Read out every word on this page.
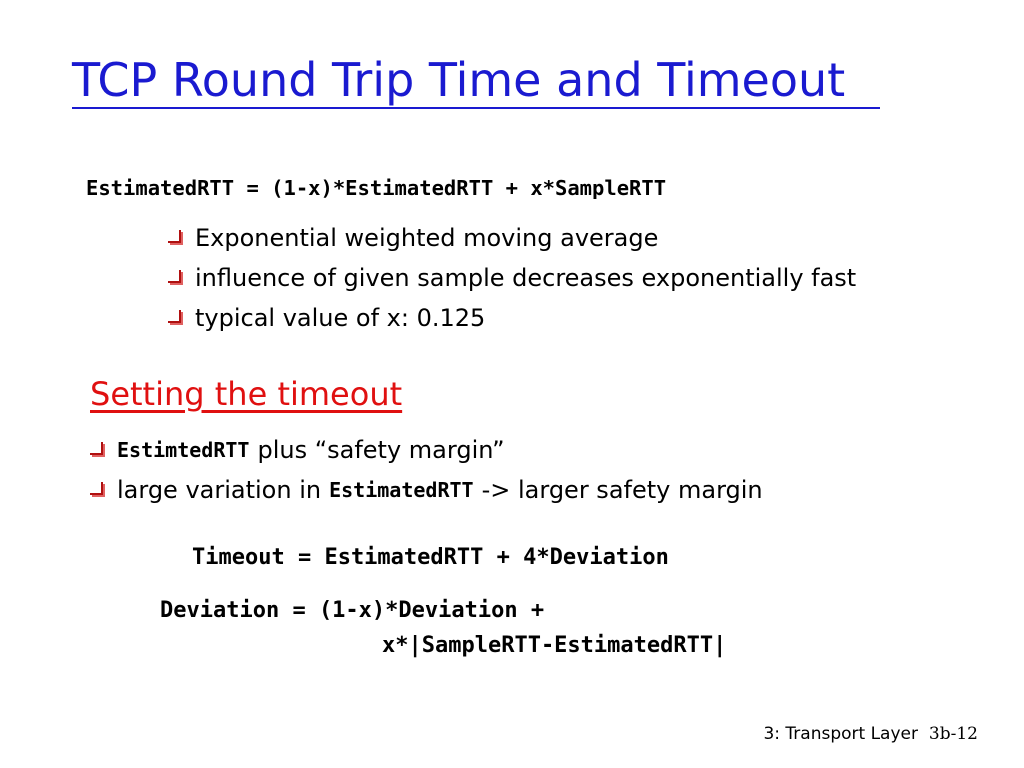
TCP Round Trip Time and Timeout
EstimatedRTT = (1-x)*EstimatedRTT + x*SampleRTT
Exponential weighted moving average
influence of given sample decreases exponentially fast
typical value of x: 0.125
Setting the timeout
EstimtedRTT plus “safety margin”
large variation in EstimatedRTT -> larger safety margin
Timeout = EstimatedRTT + 4*Deviation
Deviation = (1-x)*Deviation +
x*|SampleRTT-EstimatedRTT|
3: Transport Layer 3b-12
